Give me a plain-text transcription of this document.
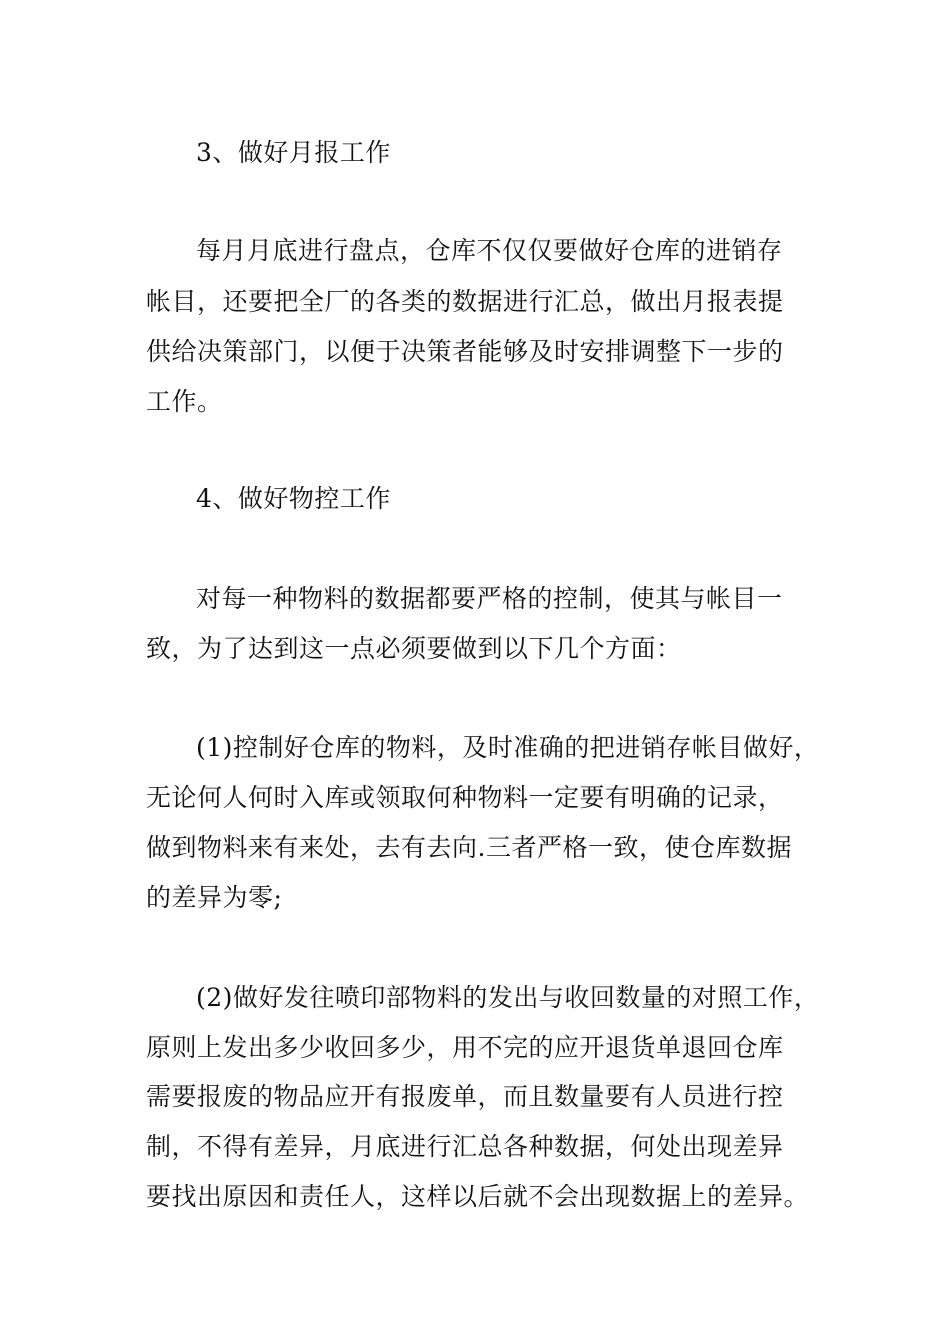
3、做好月报工作
每月月底进行盘点，仓库不仅仅要做好仓库的进销存
帐目，还要把全厂的各类的数据进行汇总，做出月报表提
供给决策部门，以便于决策者能够及时安排调整下一步的
工作。
4、做好物控工作
对每一种物料的数据都要严格的控制，使其与帐目一
致，为了达到这一点必须要做到以下几个方面：
(1)控制好仓库的物料，及时准确的把进销存帐目做好，
无论何人何时入库或领取何种物料一定要有明确的记录，
做到物料来有来处，去有去向.三者严格一致，使仓库数据
的差异为零;
(2)做好发往喷印部物料的发出与收回数量的对照工作，
原则上发出多少收回多少，用不完的应开退货单退回仓库
需要报废的物品应开有报废单，而且数量要有人员进行控
制，不得有差异，月底进行汇总各种数据，何处出现差异
要找出原因和责任人，这样以后就不会出现数据上的差异。
